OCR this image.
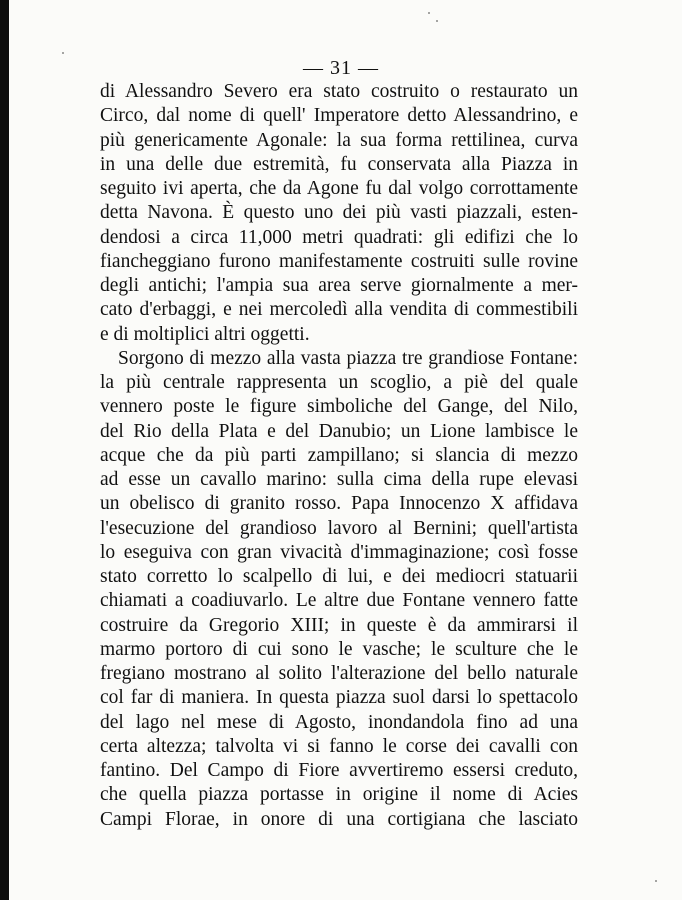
— 31 —
di Alessandro Severo era stato costruito o restaurato un
Circo, dal nome di quell' Imperatore detto Alessandrino, e
più genericamente Agonale: la sua forma rettilinea, curva
in una delle due estremità, fu conservata alla Piazza in
seguito ivi aperta, che da Agone fu dal volgo corrottamente
detta Navona. È questo uno dei più vasti piazzali, esten-
dendosi a circa 11,000 metri quadrati: gli edifizi che lo
fiancheggiano furono manifestamente costruiti sulle rovine
degli antichi; l'ampia sua area serve giornalmente a mer-
cato d'erbaggi, e nei mercoledì alla vendita di commestibili
e di moltiplici altri oggetti.
Sorgono di mezzo alla vasta piazza tre grandiose Fontane:
la più centrale rappresenta un scoglio, a piè del quale
vennero poste le figure simboliche del Gange, del Nilo,
del Rio della Plata e del Danubio; un Lione lambisce le
acque che da più parti zampillano; si slancia di mezzo
ad esse un cavallo marino: sulla cima della rupe elevasi
un obelisco di granito rosso. Papa Innocenzo X affidava
l'esecuzione del grandioso lavoro al Bernini; quell'artista
lo eseguiva con gran vivacità d'immaginazione; così fosse
stato corretto lo scalpello di lui, e dei mediocri statuarii
chiamati a coadiuvarlo. Le altre due Fontane vennero fatte
costruire da Gregorio XIII; in queste è da ammirarsi il
marmo portoro di cui sono le vasche; le sculture che le
fregiano mostrano al solito l'alterazione del bello naturale
col far di maniera. In questa piazza suol darsi lo spettacolo
del lago nel mese di Agosto, inondandola fino ad una
certa altezza; talvolta vi si fanno le corse dei cavalli con
fantino. Del Campo di Fiore avvertiremo essersi creduto,
che quella piazza portasse in origine il nome di Acies
Campi Florae, in onore di una cortigiana che lasciato
